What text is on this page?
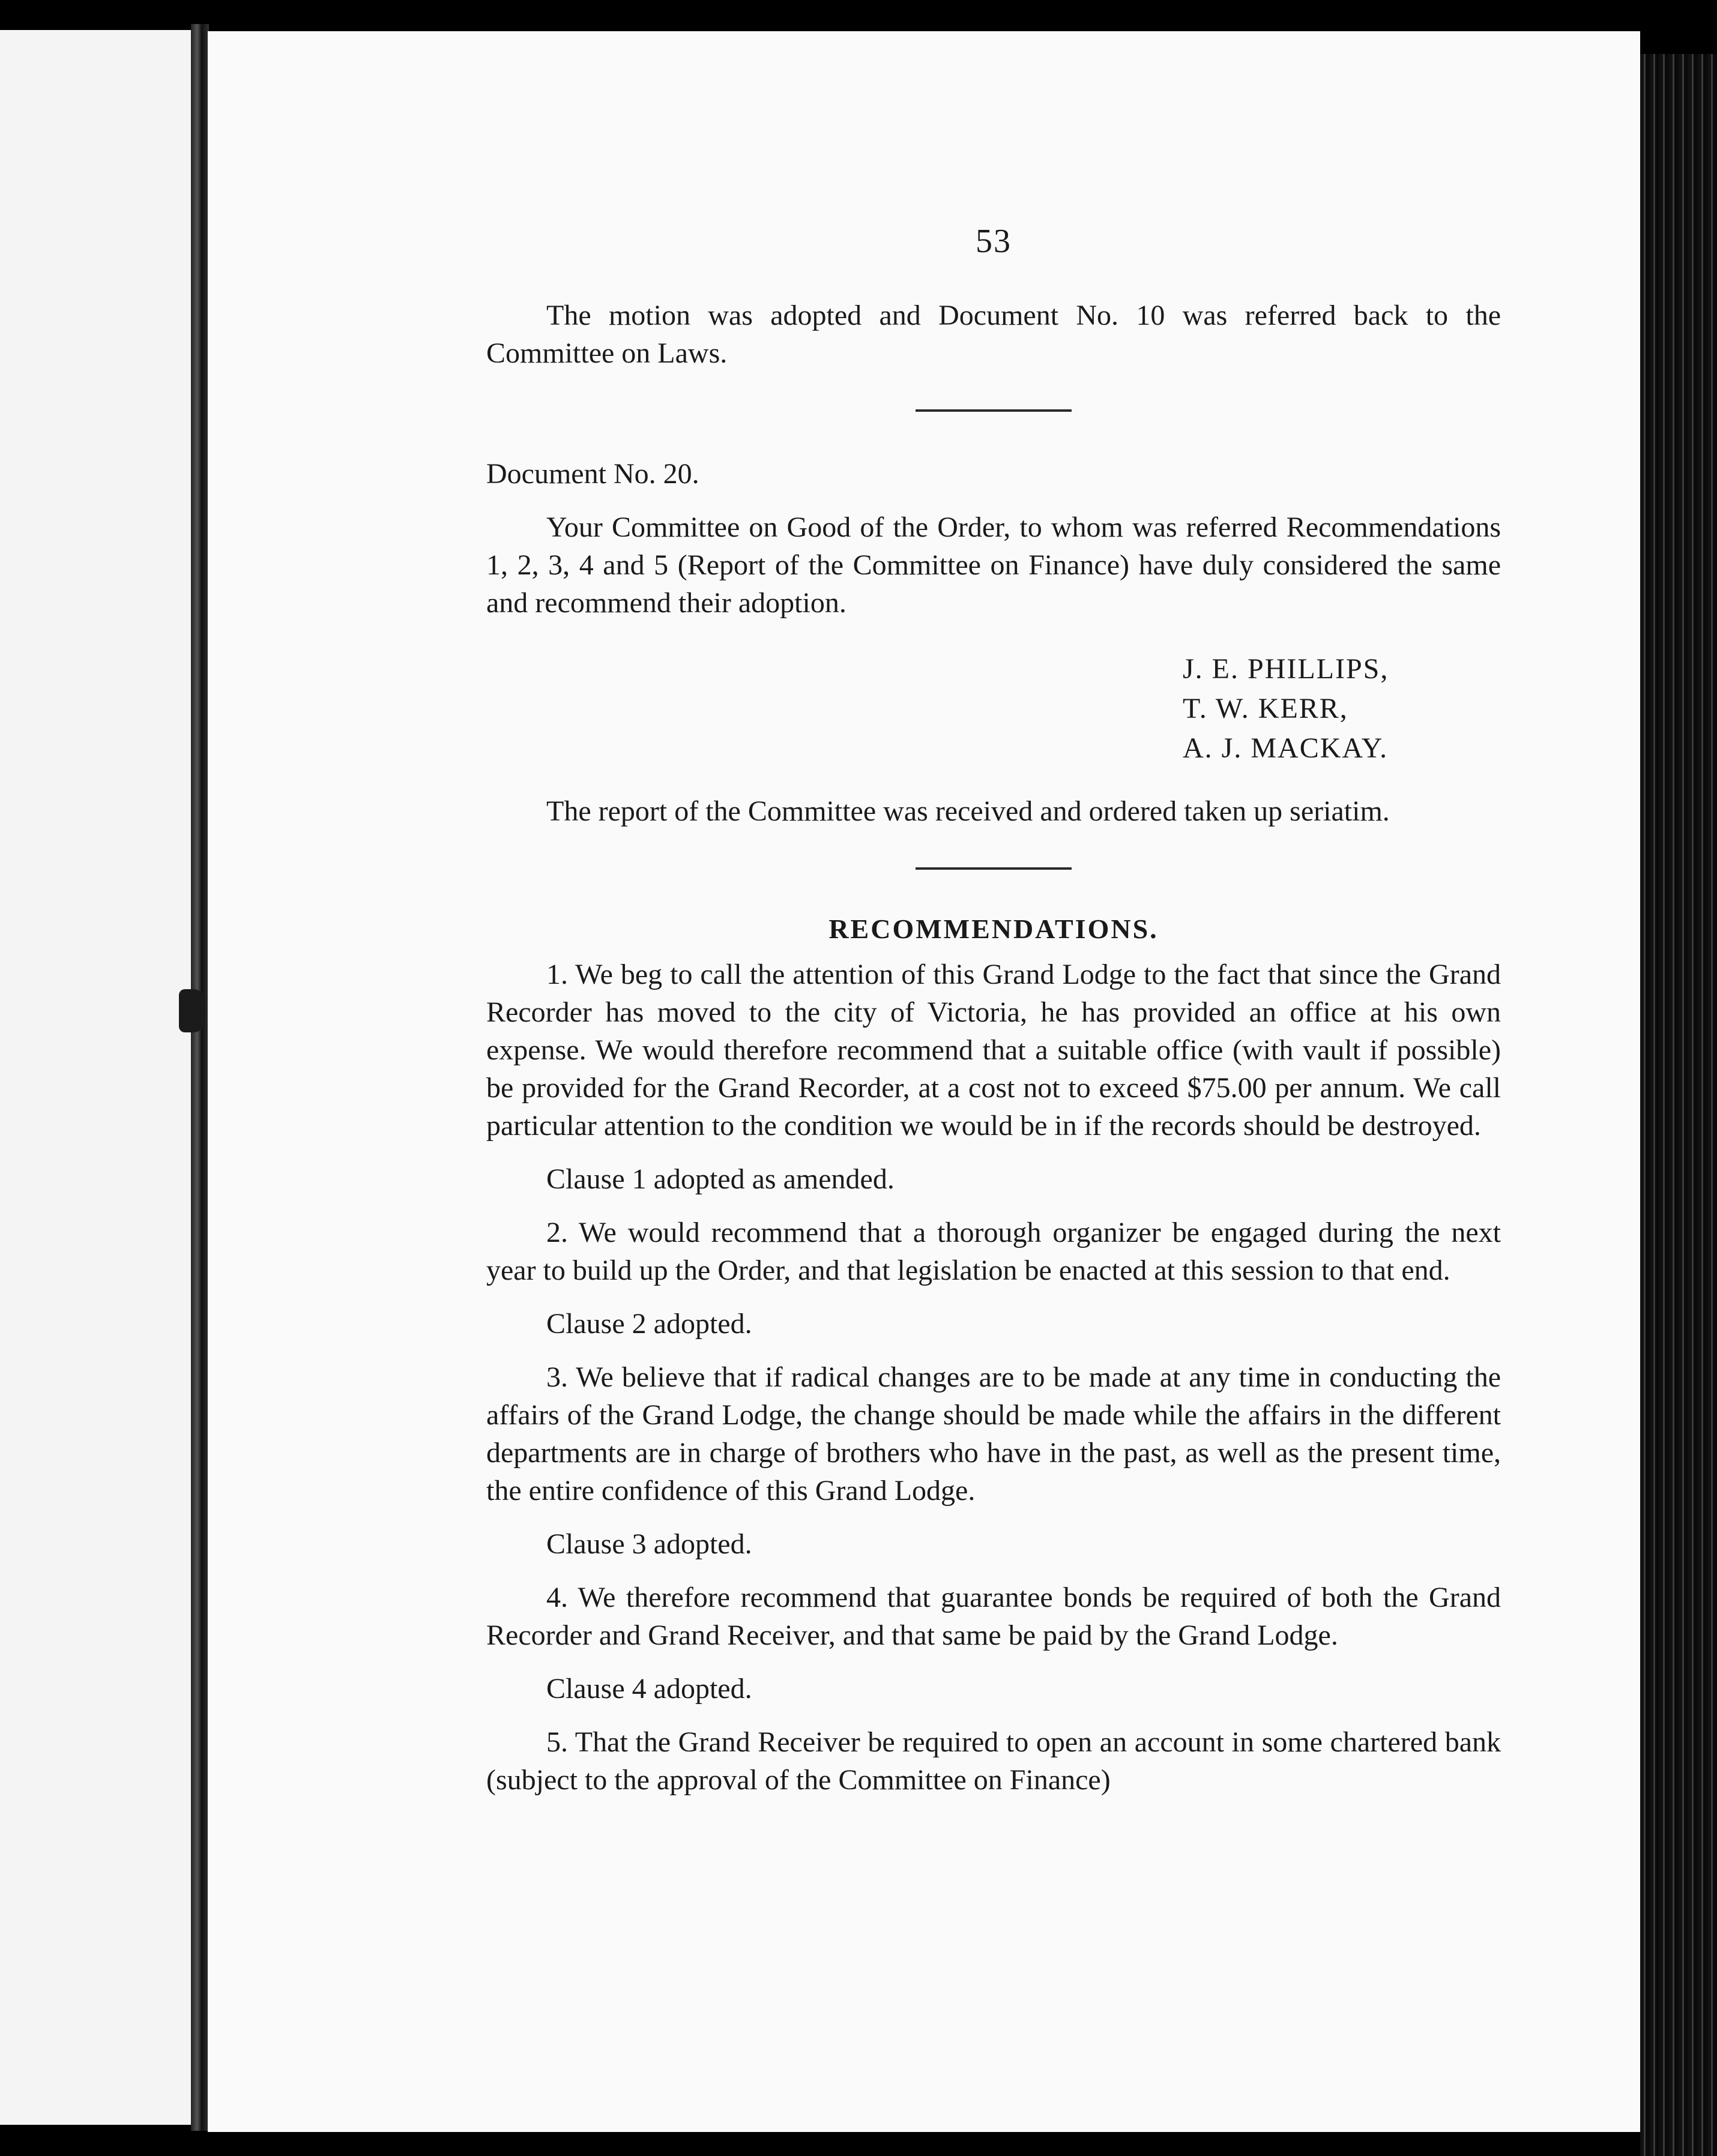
53

The motion was adopted and Document No. 10 was referred back to the Committee on Laws.

Document No. 20.

Your Committee on Good of the Order, to whom was referred Recommendations 1, 2, 3, 4 and 5 (Report of the Committee on Finance) have duly considered the same and recommend their adoption.

J. E. PHILLIPS,
T. W. KERR,
A. J. MACKAY.

The report of the Committee was received and ordered taken up seriatim.

RECOMMENDATIONS.

1. We beg to call the attention of this Grand Lodge to the fact that since the Grand Recorder has moved to the city of Victoria, he has provided an office at his own expense. We would therefore recommend that a suitable office (with vault if possible) be provided for the Grand Recorder, at a cost not to exceed $75.00 per annum. We call particular attention to the condition we would be in if the records should be destroyed.

Clause 1 adopted as amended.

2. We would recommend that a thorough organizer be engaged during the next year to build up the Order, and that legislation be enacted at this session to that end.

Clause 2 adopted.

3. We believe that if radical changes are to be made at any time in conducting the affairs of the Grand Lodge, the change should be made while the affairs in the different departments are in charge of brothers who have in the past, as well as the present time, the entire confidence of this Grand Lodge.

Clause 3 adopted.

4. We therefore recommend that guarantee bonds be required of both the Grand Recorder and Grand Receiver, and that same be paid by the Grand Lodge.

Clause 4 adopted.

5. That the Grand Receiver be required to open an account in some chartered bank (subject to the approval of the Committee on Finance)
